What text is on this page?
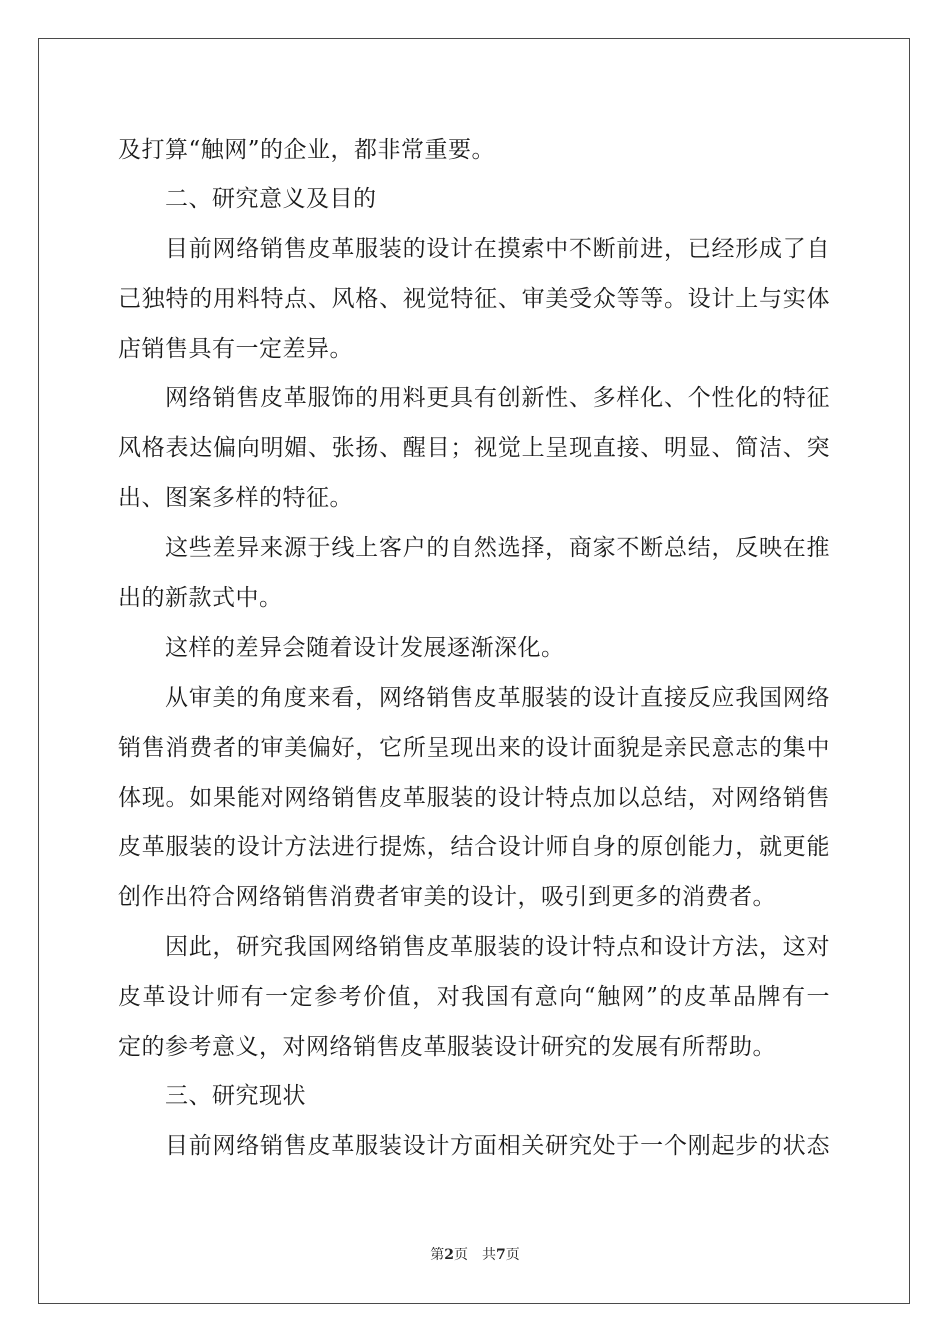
及打算“触网”的企业，都非常重要。
二、研究意义及目的
目前网络销售皮革服装的设计在摸索中不断前进，已经形成了自
己独特的用料特点、风格、视觉特征、审美受众等等。设计上与实体
店销售具有一定差异。
网络销售皮革服饰的用料更具有创新性、多样化、个性化的特征
风格表达偏向明媚、张扬、醒目；视觉上呈现直接、明显、简洁、突
出、图案多样的特征。
这些差异来源于线上客户的自然选择，商家不断总结，反映在推
出的新款式中。
这样的差异会随着设计发展逐渐深化。
从审美的角度来看，网络销售皮革服装的设计直接反应我国网络
销售消费者的审美偏好，它所呈现出来的设计面貌是亲民意志的集中
体现。如果能对网络销售皮革服装的设计特点加以总结，对网络销售
皮革服装的设计方法进行提炼，结合设计师自身的原创能力，就更能
创作出符合网络销售消费者审美的设计，吸引到更多的消费者。
因此，研究我国网络销售皮革服装的设计特点和设计方法，这对
皮革设计师有一定参考价值，对我国有意向“触网”的皮革品牌有一
定的参考意义，对网络销售皮革服装设计研究的发展有所帮助。
三、研究现状
目前网络销售皮革服装设计方面相关研究处于一个刚起步的状态
第2页 共7页
